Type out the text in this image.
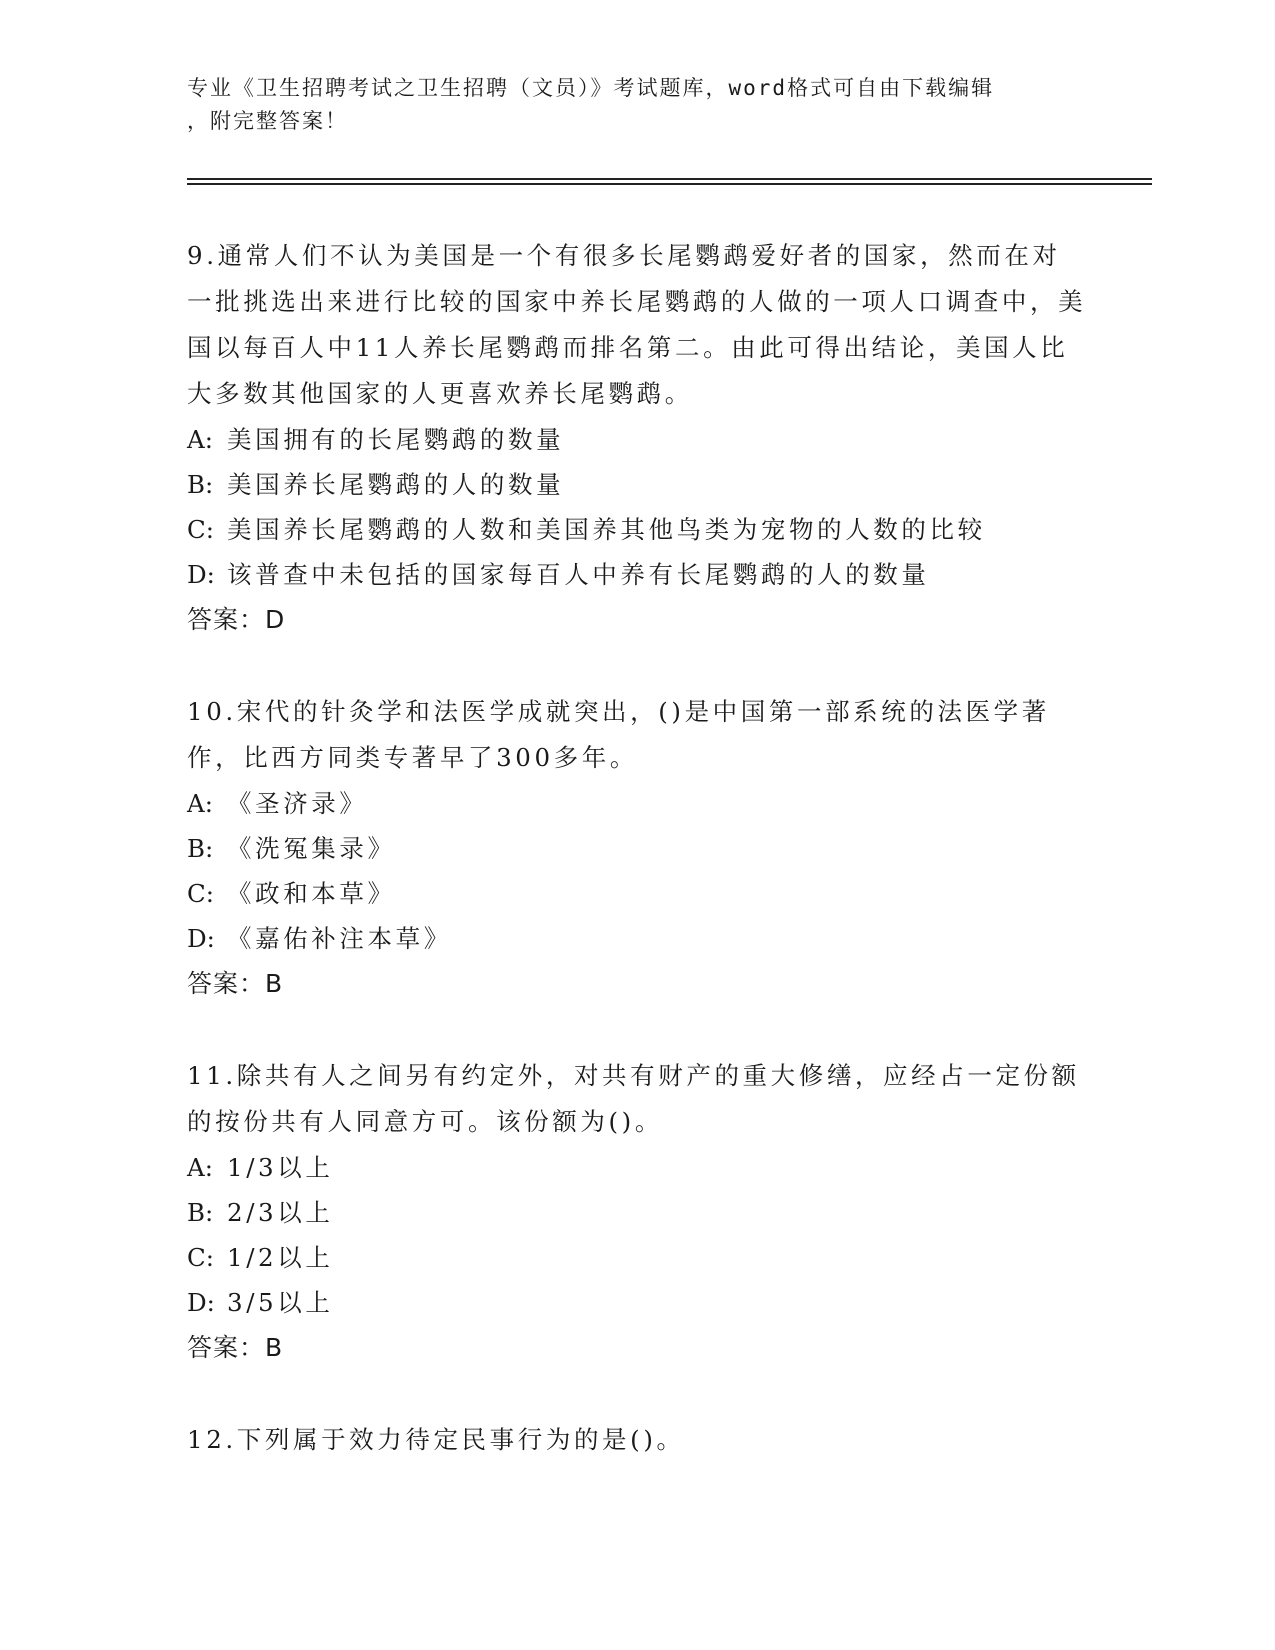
专业《卫生招聘考试之卫生招聘（文员）》考试题库，word格式可自由下载编辑
，附完整答案！

9.通常人们不认为美国是一个有很多长尾鹦鹉爱好者的国家，然而在对一批挑选出来进行比较的国家中养长尾鹦鹉的人做的一项人口调查中，美国以每百人中11人养长尾鹦鹉而排名第二。由此可得出结论，美国人比大多数其他国家的人更喜欢养长尾鹦鹉。

A: 美国拥有的长尾鹦鹉的数量
B: 美国养长尾鹦鹉的人的数量
C: 美国养长尾鹦鹉的人数和美国养其他鸟类为宠物的人数的比较
D: 该普查中未包括的国家每百人中养有长尾鹦鹉的人的数量
答案：D

10.宋代的针灸学和法医学成就突出，()是中国第一部系统的法医学著作，比西方同类专著早了300多年。

A: 《圣济录》
B: 《洗冤集录》
C: 《政和本草》
D: 《嘉佑补注本草》
答案：B

11.除共有人之间另有约定外，对共有财产的重大修缮，应经占一定份额的按份共有人同意方可。该份额为()。

A: 1/3以上
B: 2/3以上
C: 1/2以上
D: 3/5以上
答案：B

12.下列属于效力待定民事行为的是()。
